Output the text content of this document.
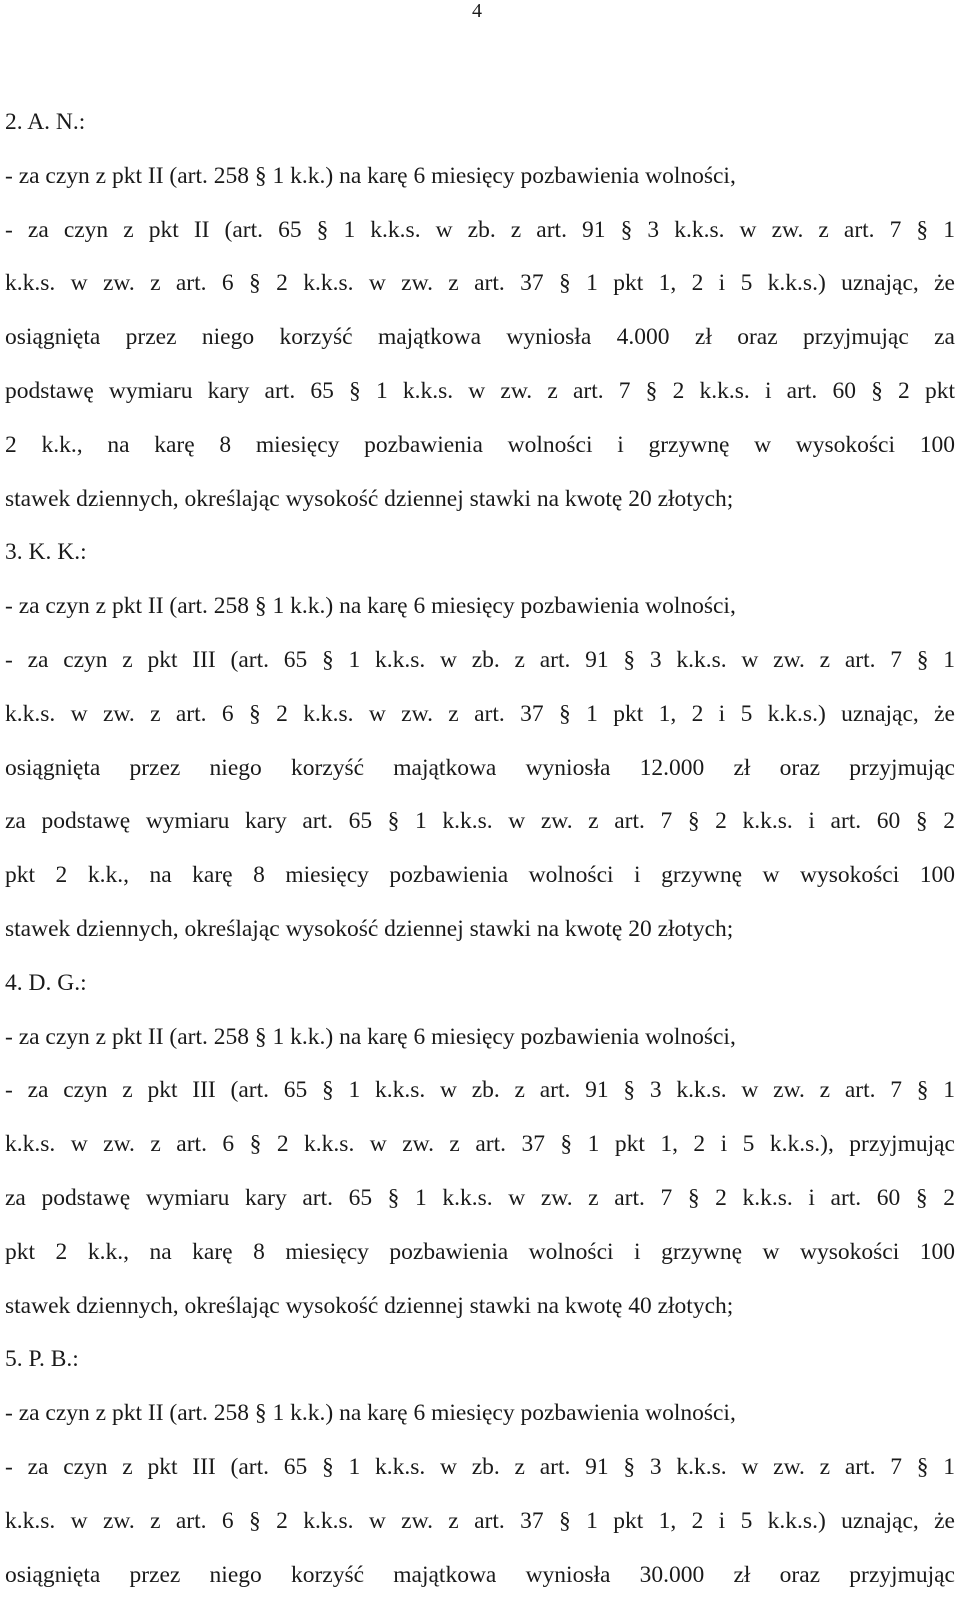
4
2. A. N.:
- za czyn z pkt II (art. 258 § 1 k.k.) na karę 6 miesięcy pozbawienia wolności,
- za czyn z pkt II (art. 65 § 1 k.k.s. w zb. z art. 91 § 3 k.k.s. w zw. z art. 7 § 1
k.k.s. w zw. z art. 6 § 2 k.k.s. w zw. z art. 37 § 1 pkt 1, 2 i 5 k.k.s.) uznając, że
osiągnięta przez niego korzyść majątkowa wyniosła 4.000 zł oraz przyjmując za
podstawę wymiaru kary art. 65 § 1 k.k.s. w zw. z art. 7 § 2 k.k.s. i art. 60 § 2 pkt
2 k.k., na karę 8 miesięcy pozbawienia wolności i grzywnę w wysokości 100
stawek dziennych, określając wysokość dziennej stawki na kwotę 20 złotych;
3. K. K.:
- za czyn z pkt II (art. 258 § 1 k.k.) na karę 6 miesięcy pozbawienia wolności,
- za czyn z pkt III (art. 65 § 1 k.k.s. w zb. z art. 91 § 3 k.k.s. w zw. z art. 7 § 1
k.k.s. w zw. z art. 6 § 2 k.k.s. w zw. z art. 37 § 1 pkt 1, 2 i 5 k.k.s.) uznając, że
osiągnięta przez niego korzyść majątkowa wyniosła 12.000 zł oraz przyjmując
za podstawę wymiaru kary art. 65 § 1 k.k.s. w zw. z art. 7 § 2 k.k.s. i art. 60 § 2
pkt 2 k.k., na karę 8 miesięcy pozbawienia wolności i grzywnę w wysokości 100
stawek dziennych, określając wysokość dziennej stawki na kwotę 20 złotych;
4. D. G.:
- za czyn z pkt II (art. 258 § 1 k.k.) na karę 6 miesięcy pozbawienia wolności,
- za czyn z pkt III (art. 65 § 1 k.k.s. w zb. z art. 91 § 3 k.k.s. w zw. z art. 7 § 1
k.k.s. w zw. z art. 6 § 2 k.k.s. w zw. z art. 37 § 1 pkt 1, 2 i 5 k.k.s.), przyjmując
za podstawę wymiaru kary art. 65 § 1 k.k.s. w zw. z art. 7 § 2 k.k.s. i art. 60 § 2
pkt 2 k.k., na karę 8 miesięcy pozbawienia wolności i grzywnę w wysokości 100
stawek dziennych, określając wysokość dziennej stawki na kwotę 40 złotych;
5. P. B.:
- za czyn z pkt II (art. 258 § 1 k.k.) na karę 6 miesięcy pozbawienia wolności,
- za czyn z pkt III (art. 65 § 1 k.k.s. w zb. z art. 91 § 3 k.k.s. w zw. z art. 7 § 1
k.k.s. w zw. z art. 6 § 2 k.k.s. w zw. z art. 37 § 1 pkt 1, 2 i 5 k.k.s.) uznając, że
osiągnięta przez niego korzyść majątkowa wyniosła 30.000 zł oraz przyjmując
